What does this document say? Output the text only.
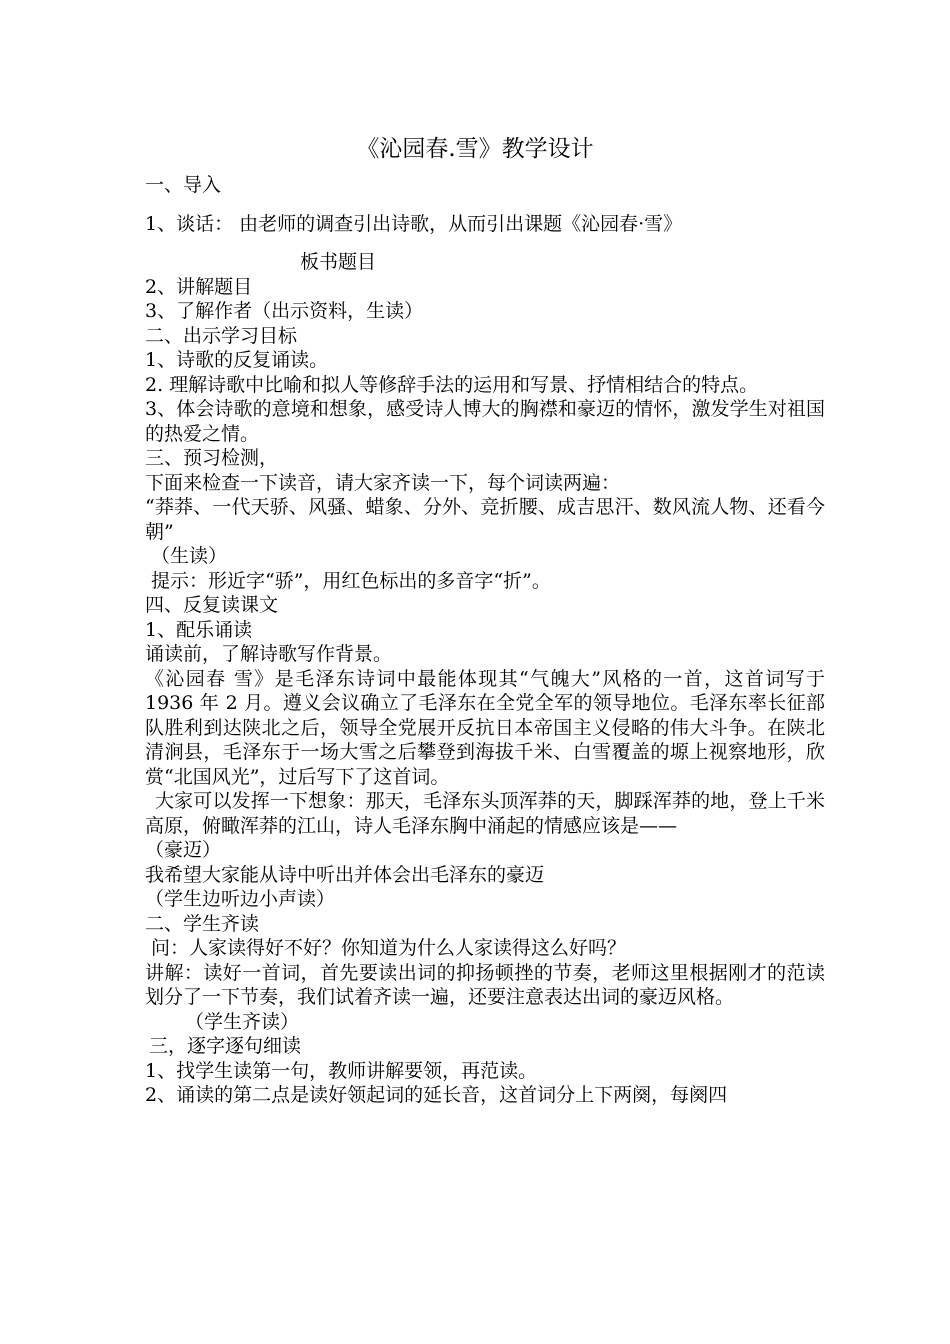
《沁园春.雪》教学设计

一、导入

1、谈话： 由老师的调查引出诗歌，从而引出课题《沁园春·雪》

板书题目

2、讲解题目

3、了解作者（出示资料，生读）

二、出示学习目标

1、诗歌的反复诵读。

2. 理解诗歌中比喻和拟人等修辞手法的运用和写景、抒情相结合的特点。

3、体会诗歌的意境和想象，感受诗人博大的胸襟和豪迈的情怀，激发学生对祖国的热爱之情。

三、预习检测，

下面来检查一下读音，请大家齐读一下，每个词读两遍：

“莽莽、一代天骄、风骚、蜡象、分外、竞折腰、成吉思汗、数风流人物、还看今朝”

（生读）

提示：形近字“骄”，用红色标出的多音字“折”。

四、反复读课文

1、配乐诵读

诵读前，了解诗歌写作背景。

《沁园春 雪》是毛泽东诗词中最能体现其“气魄大”风格的一首，这首词写于 1936 年 2 月。遵义会议确立了毛泽东在全党全军的领导地位。毛泽东率长征部队胜利到达陕北之后，领导全党展开反抗日本帝国主义侵略的伟大斗争。在陕北清涧县，毛泽东于一场大雪之后攀登到海拔千米、白雪覆盖的塬上视察地形，欣赏“北国风光”，过后写下了这首词。

大家可以发挥一下想象：那天，毛泽东头顶浑莽的天，脚踩浑莽的地，登上千米高原，俯瞰浑莽的江山，诗人毛泽东胸中涌起的情感应该是——

（豪迈）

我希望大家能从诗中听出并体会出毛泽东的豪迈

（学生边听边小声读）

二、学生齐读

问：人家读得好不好？你知道为什么人家读得这么好吗？

讲解：读好一首词，首先要读出词的抑扬顿挫的节奏，老师这里根据刚才的范读划分了一下节奏，我们试着齐读一遍，还要注意表达出词的豪迈风格。

（学生齐读）

三，逐字逐句细读

1、找学生读第一句，教师讲解要领，再范读。

2、诵读的第二点是读好领起词的延长音，这首词分上下两阕，每阕四
